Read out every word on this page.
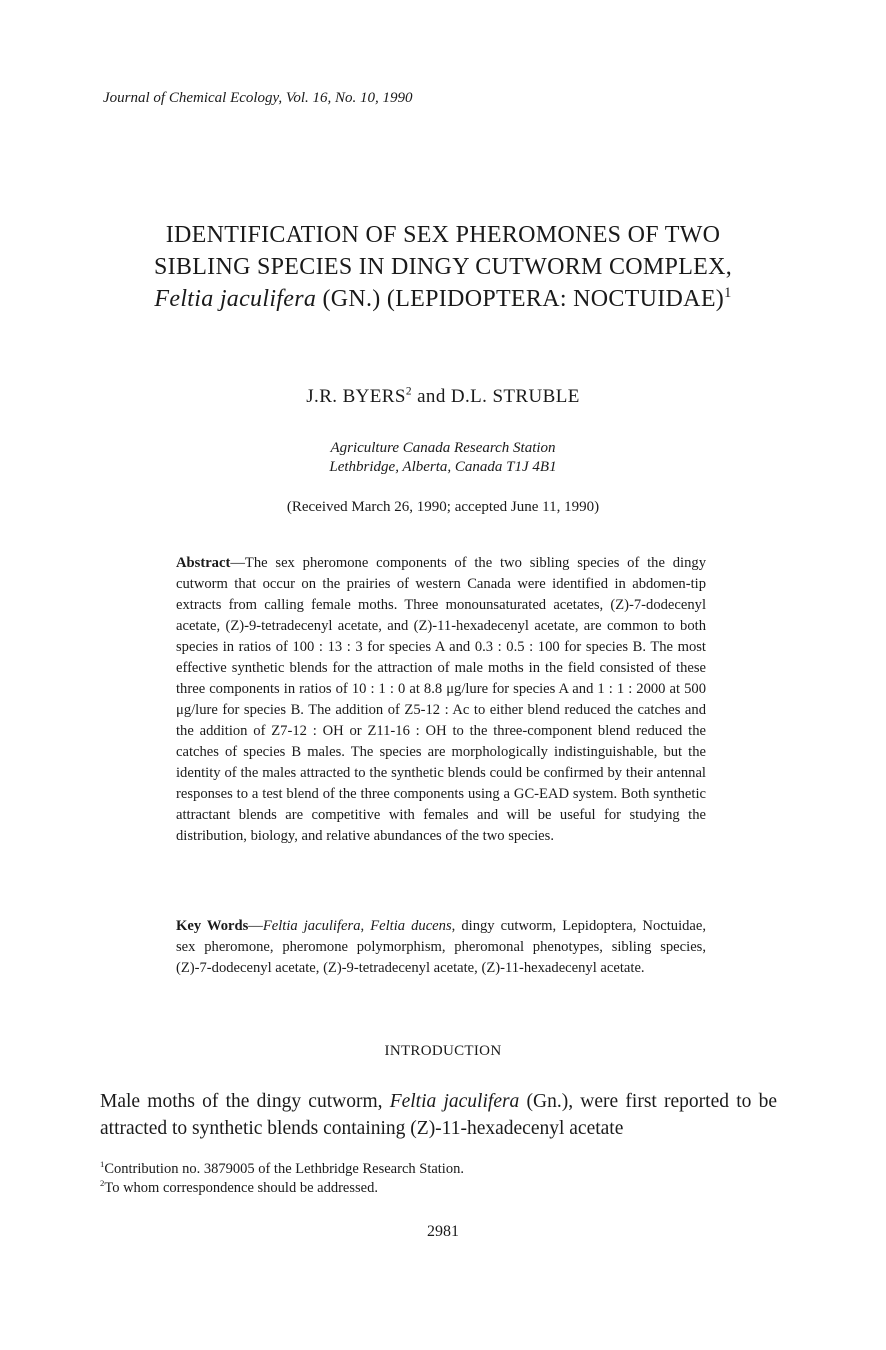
Journal of Chemical Ecology, Vol. 16, No. 10, 1990
IDENTIFICATION OF SEX PHEROMONES OF TWO
SIBLING SPECIES IN DINGY CUTWORM COMPLEX,
Feltia jaculifera (GN.) (LEPIDOPTERA: NOCTUIDAE)$^1$
J.R. BYERS$^2$ and D.L. STRUBLE
Agriculture Canada Research Station
Lethbridge, Alberta, Canada T1J 4B1
(Received March 26, 1990; accepted June 11, 1990)
Abstract—The sex pheromone components of the two sibling species of the dingy cutworm that occur on the prairies of western Canada were identified in abdomen-tip extracts from calling female moths. Three monounsaturated acetates, (Z)-7-dodecenyl acetate, (Z)-9-tetradecenyl acetate, and (Z)-11-hexadecenyl acetate, are common to both species in ratios of 100 : 13 : 3 for species A and 0.3 : 0.5 : 100 for species B. The most effective synthetic blends for the attraction of male moths in the field consisted of these three components in ratios of 10 : 1 : 0 at 8.8 μg/lure for species A and 1 : 1 : 2000 at 500 μg/lure for species B. The addition of Z5-12 : Ac to either blend reduced the catches and the addition of Z7-12 : OH or Z11-16 : OH to the three-component blend reduced the catches of species B males. The species are morphologically indistinguishable, but the identity of the males attracted to the synthetic blends could be confirmed by their antennal responses to a test blend of the three components using a GC-EAD system. Both synthetic attractant blends are competitive with females and will be useful for studying the distribution, biology, and relative abundances of the two species.
Key Words—Feltia jaculifera, Feltia ducens, dingy cutworm, Lepidoptera, Noctuidae, sex pheromone, pheromone polymorphism, pheromonal phenotypes, sibling species, (Z)-7-dodecenyl acetate, (Z)-9-tetradecenyl acetate, (Z)-11-hexadecenyl acetate.
INTRODUCTION
Male moths of the dingy cutworm, Feltia jaculifera (Gn.), were first reported to be attracted to synthetic blends containing (Z)-11-hexadecenyl acetate
$^1$Contribution no. 3879005 of the Lethbridge Research Station.
$^2$To whom correspondence should be addressed.
2981
